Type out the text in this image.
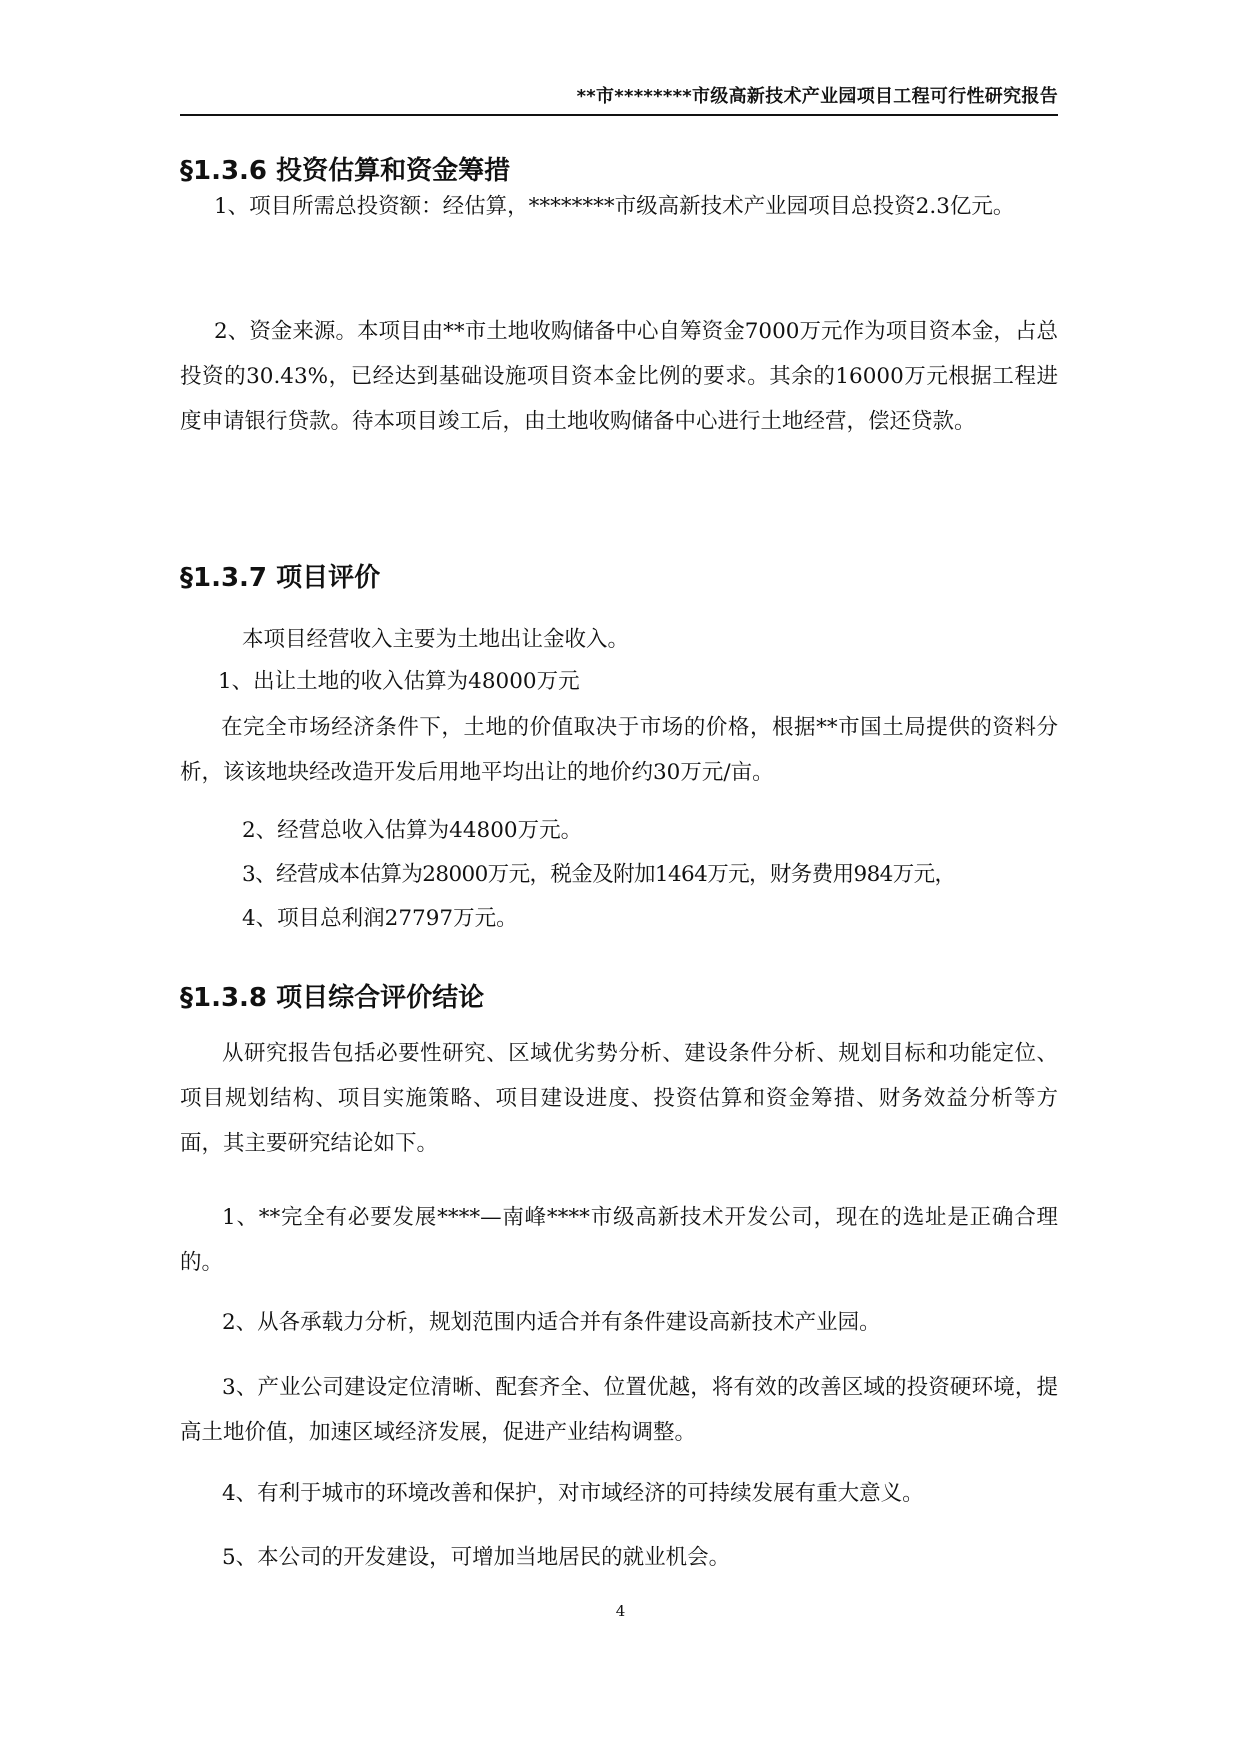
**市********市级高新技术产业园项目工程可行性研究报告
§1.3.6 投资估算和资金筹措
1、项目所需总投资额：经估算，********市级高新技术产业园项目总投资2.3亿元。
2、资金来源。本项目由**市土地收购储备中心自筹资金7000万元作为项目资本金，占总投资的30.43%，已经达到基础设施项目资本金比例的要求。其余的16000万元根据工程进度申请银行贷款。待本项目竣工后，由土地收购储备中心进行土地经营，偿还贷款。
§1.3.7 项目评价
本项目经营收入主要为土地出让金收入。
1、出让土地的收入估算为48000万元
在完全市场经济条件下，土地的价值取决于市场的价格，根据**市国土局提供的资料分析，该该地块经改造开发后用地平均出让的地价约30万元/亩。
2、经营总收入估算为44800万元。
3、经营成本估算为28000万元，税金及附加1464万元，财务费用984万元，
4、项目总利润27797万元。
§1.3.8 项目综合评价结论
从研究报告包括必要性研究、区域优劣势分析、建设条件分析、规划目标和功能定位、项目规划结构、项目实施策略、项目建设进度、投资估算和资金筹措、财务效益分析等方面，其主要研究结论如下。
1、**完全有必要发展****—南峰****市级高新技术开发公司，现在的选址是正确合理的。
2、从各承载力分析，规划范围内适合并有条件建设高新技术产业园。
3、产业公司建设定位清晰、配套齐全、位置优越，将有效的改善区域的投资硬环境，提高土地价值，加速区域经济发展，促进产业结构调整。
4、有利于城市的环境改善和保护，对市域经济的可持续发展有重大意义。
5、本公司的开发建设，可增加当地居民的就业机会。
4
